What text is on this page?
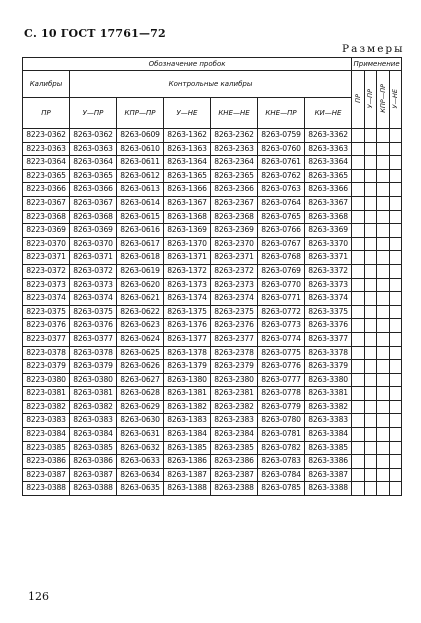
С. 10 ГОСТ 17761—72
Размеры
Обозначение пробок							Применение			
Калибры	Контрольные калибры						ПР	У—ПР	КПР—ПР	У—НЕ
ПР	У—ПР	КПР—ПР	У—НЕ	КНЕ—НЕ	КНЕ—ПР	КИ—НЕ				
8223-0362	8263-0362	8263-0609	8263-1362	8263-2362	8263-0759	8263-3362				
8223-0363	8263-0363	8263-0610	8263-1363	8263-2363	8263-0760	8263-3363				
8223-0364	8263-0364	8263-0611	8263-1364	8263-2364	8263-0761	8263-3364				
8223-0365	8263-0365	8263-0612	8263-1365	8263-2365	8263-0762	8263-3365				
8223-0366	8263-0366	8263-0613	8263-1366	8263-2366	8263-0763	8263-3366				
8223-0367	8263-0367	8263-0614	8263-1367	8263-2367	8263-0764	8263-3367				
8223-0368	8263-0368	8263-0615	8263-1368	8263-2368	8263-0765	8263-3368				
8223-0369	8263-0369	8263-0616	8263-1369	8263-2369	8263-0766	8263-3369				
8223-0370	8263-0370	8263-0617	8263-1370	8263-2370	8263-0767	8263-3370				
8223-0371	8263-0371	8263-0618	8263-1371	8263-2371	8263-0768	8263-3371				
8223-0372	8263-0372	8263-0619	8263-1372	8263-2372	8263-0769	8263-3372				
8223-0373	8263-0373	8263-0620	8263-1373	8263-2373	8263-0770	8263-3373				
8223-0374	8263-0374	8263-0621	8263-1374	8263-2374	8263-0771	8263-3374				
8223-0375	8263-0375	8263-0622	8263-1375	8263-2375	8263-0772	8263-3375				
8223-0376	8263-0376	8263-0623	8263-1376	8263-2376	8263-0773	8263-3376				
8223-0377	8263-0377	8263-0624	8263-1377	8263-2377	8263-0774	8263-3377				
8223-0378	8263-0378	8263-0625	8263-1378	8263-2378	8263-0775	8263-3378				
8223-0379	8263-0379	8263-0626	8263-1379	8263-2379	8263-0776	8263-3379				
8223-0380	8263-0380	8263-0627	8263-1380	8263-2380	8263-0777	8263-3380				
8223-0381	8263-0381	8263-0628	8263-1381	8263-2381	8263-0778	8263-3381				
8223-0382	8263-0382	8263-0629	8263-1382	8263-2382	8263-0779	8263-3382				
8223-0383	8263-0383	8263-0630	8263-1383	8263-2383	8263-0780	8263-3383				
8223-0384	8263-0384	8263-0631	8263-1384	8263-2384	8263-0781	8263-3384				
8223-0385	8263-0385	8263-0632	8263-1385	8263-2385	8263-0782	8263-3385				
8223-0386	8263-0386	8263-0633	8263-1386	8263-2386	8263-0783	8263-3386				
8223-0387	8263-0387	8263-0634	8263-1387	8263-2387	8263-0784	8263-3387				
8223-0388	8263-0388	8263-0635	8263-1388	8263-2388	8263-0785	8263-3388				
126
